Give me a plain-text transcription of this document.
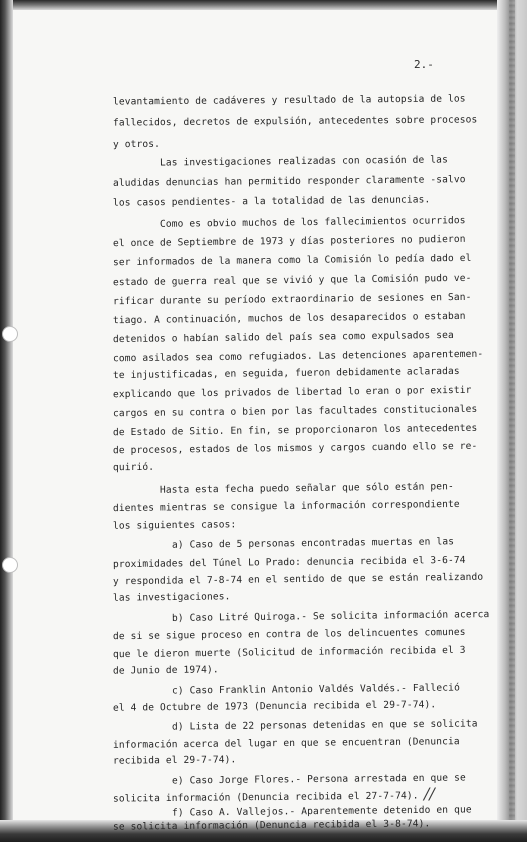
2.-
levantamiento de cadáveres y resultado de la autopsia de los
fallecidos, decretos de expulsión, antecedentes sobre procesos
y otros.
Las investigaciones realizadas con ocasión de las
aludidas denuncias han permitido responder claramente -salvo
los casos pendientes- a la totalidad de las denuncias.
Como es obvio muchos de los fallecimientos ocurridos
el once de Septiembre de 1973 y días posteriores no pudieron
ser informados de la manera como la Comisión lo pedía dado el
estado de guerra real que se vivió y que la Comisión pudo ve-
rificar durante su período extraordinario de sesiones en San-
tiago. A continuación, muchos de los desaparecidos o estaban
detenidos o habían salido del país sea como expulsados sea
como asilados sea como refugiados. Las detenciones aparentemen-
te injustificadas, en seguida, fueron debidamente aclaradas
explicando que los privados de libertad lo eran o por existir
cargos en su contra o bien por las facultades constitucionales
de Estado de Sitio. En fin, se proporcionaron los antecedentes
de procesos, estados de los mismos y cargos cuando ello se re-
quirió.
Hasta esta fecha puedo señalar que sólo están pen-
dientes mientras se consigue la información correspondiente
los siguientes casos:
a) Caso de 5 personas encontradas muertas en las
proximidades del Túnel Lo Prado: denuncia recibida el 3-6-74
y respondida el 7-8-74 en el sentido de que se están realizando
las investigaciones.
b) Caso Litré Quiroga.- Se solicita información acerca
de si se sigue proceso en contra de los delincuentes comunes
que le dieron muerte (Solicitud de información recibida el 3
de Junio de 1974).
c) Caso Franklin Antonio Valdés Valdés.- Falleció
el 4 de Octubre de 1973 (Denuncia recibida el 29-7-74).
d) Lista de 22 personas detenidas en que se solicita
información acerca del lugar en que se encuentran (Denuncia
recibida el 29-7-74).
e) Caso Jorge Flores.- Persona arrestada en que se
solicita información (Denuncia recibida el 27-7-74).
f) Caso A. Vallejos.- Aparentemente detenido en que
se solicita información (Denuncia recibida el 3-8-74).
//
